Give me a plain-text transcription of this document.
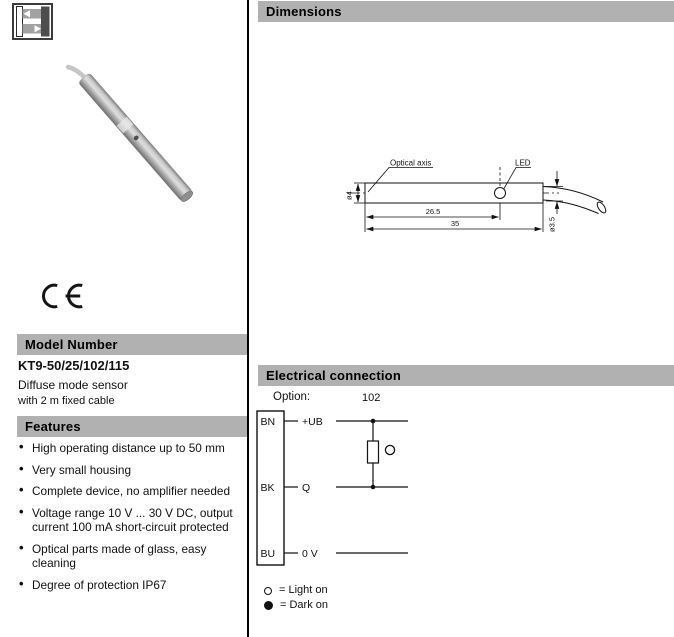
Model Number
KT9-50/25/102/115
Diffuse mode sensor
with 2 m fixed cable
Features
• High operating distance up to 50 mm
• Very small housing
• Complete device, no amplifier needed
• Voltage range 10 V ... 30 V DC, output current 100 mA short-circuit protected
• Optical parts made of glass, easy cleaning
• Degree of protection IP67
Dimensions
Optical axis	LED
ø4
26.5
35	ø3.5
Electrical connection
Option:	102
BN	+UB
BK	Q
BU	0 V
= Light on
= Dark on
